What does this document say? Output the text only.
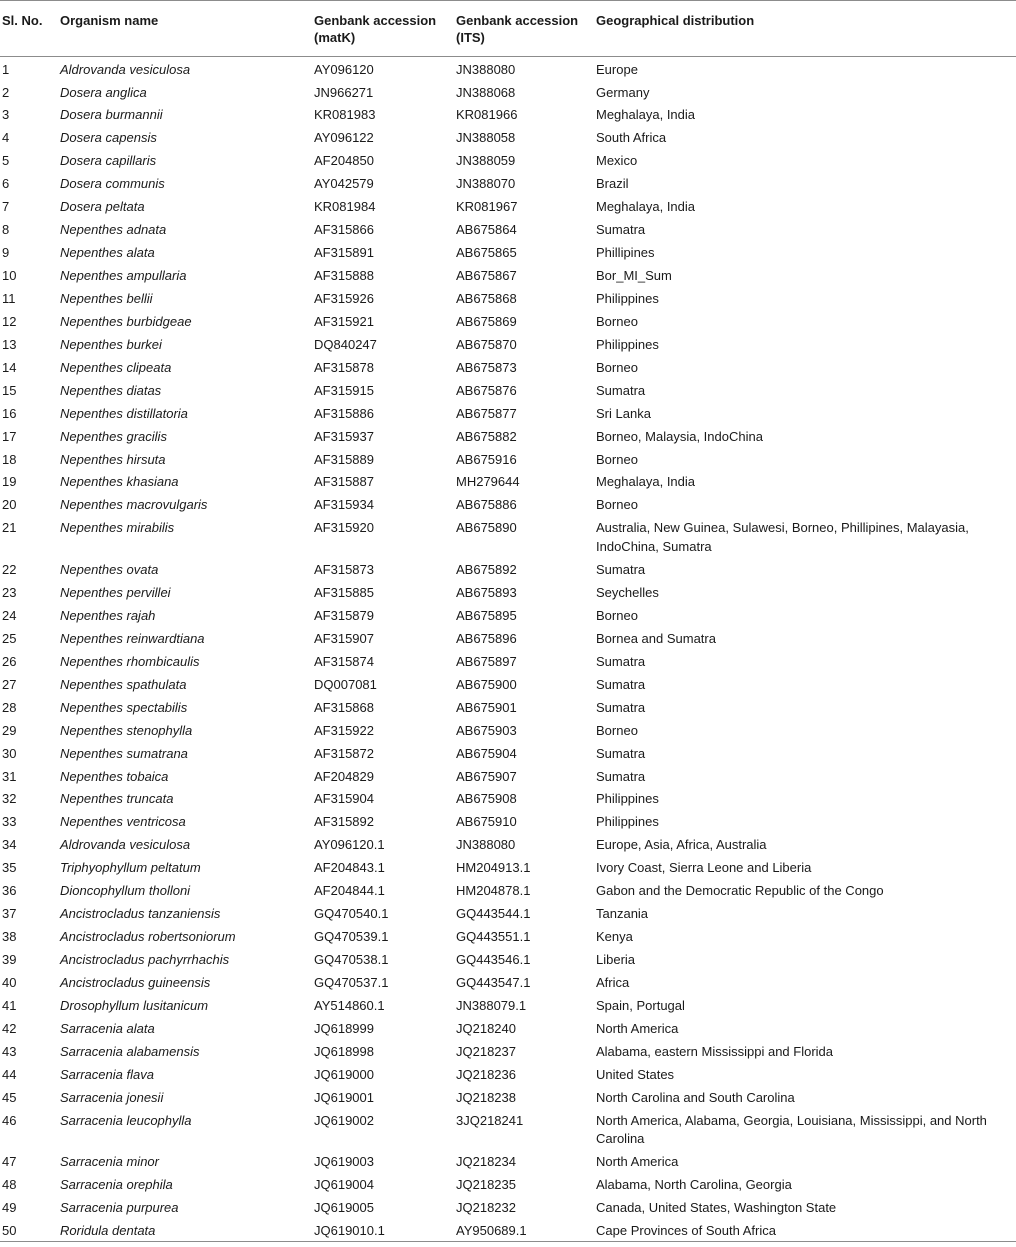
Sl. No.	Organism name	Genbank accession (matK)	Genbank accession (ITS)	Geographical distribution
1	Aldrovanda vesiculosa	AY096120	JN388080	Europe
2	Dosera anglica	JN966271	JN388068	Germany
3	Dosera burmannii	KR081983	KR081966	Meghalaya, India
4	Dosera capensis	AY096122	JN388058	South Africa
5	Dosera capillaris	AF204850	JN388059	Mexico
6	Dosera communis	AY042579	JN388070	Brazil
7	Dosera peltata	KR081984	KR081967	Meghalaya, India
8	Nepenthes adnata	AF315866	AB675864	Sumatra
9	Nepenthes alata	AF315891	AB675865	Phillipines
10	Nepenthes ampullaria	AF315888	AB675867	Bor_MI_Sum
11	Nepenthes bellii	AF315926	AB675868	Philippines
12	Nepenthes burbidgeae	AF315921	AB675869	Borneo
13	Nepenthes burkei	DQ840247	AB675870	Philippines
14	Nepenthes clipeata	AF315878	AB675873	Borneo
15	Nepenthes diatas	AF315915	AB675876	Sumatra
16	Nepenthes distillatoria	AF315886	AB675877	Sri Lanka
17	Nepenthes gracilis	AF315937	AB675882	Borneo, Malaysia, IndoChina
18	Nepenthes hirsuta	AF315889	AB675916	Borneo
19	Nepenthes khasiana	AF315887	MH279644	Meghalaya, India
20	Nepenthes macrovulgaris	AF315934	AB675886	Borneo
21	Nepenthes mirabilis	AF315920	AB675890	Australia, New Guinea, Sulawesi, Borneo, Phillipines, Malayasia, IndoChina, Sumatra
22	Nepenthes ovata	AF315873	AB675892	Sumatra
23	Nepenthes pervillei	AF315885	AB675893	Seychelles
24	Nepenthes rajah	AF315879	AB675895	Borneo
25	Nepenthes reinwardtiana	AF315907	AB675896	Bornea and Sumatra
26	Nepenthes rhombicaulis	AF315874	AB675897	Sumatra
27	Nepenthes spathulata	DQ007081	AB675900	Sumatra
28	Nepenthes spectabilis	AF315868	AB675901	Sumatra
29	Nepenthes stenophylla	AF315922	AB675903	Borneo
30	Nepenthes sumatrana	AF315872	AB675904	Sumatra
31	Nepenthes tobaica	AF204829	AB675907	Sumatra
32	Nepenthes truncata	AF315904	AB675908	Philippines
33	Nepenthes ventricosa	AF315892	AB675910	Philippines
34	Aldrovanda vesiculosa	AY096120.1	JN388080	Europe, Asia, Africa, Australia
35	Triphyophyllum peltatum	AF204843.1	HM204913.1	Ivory Coast, Sierra Leone and Liberia
36	Dioncophyllum tholloni	AF204844.1	HM204878.1	Gabon and the Democratic Republic of the Congo
37	Ancistrocladus tanzaniensis	GQ470540.1	GQ443544.1	Tanzania
38	Ancistrocladus robertsoniorum	GQ470539.1	GQ443551.1	Kenya
39	Ancistrocladus pachyrrhachis	GQ470538.1	GQ443546.1	Liberia
40	Ancistrocladus guineensis	GQ470537.1	GQ443547.1	Africa
41	Drosophyllum lusitanicum	AY514860.1	JN388079.1	Spain, Portugal
42	Sarracenia alata	JQ618999	JQ218240	North America
43	Sarracenia alabamensis	JQ618998	JQ218237	Alabama, eastern Mississippi and Florida
44	Sarracenia flava	JQ619000	JQ218236	United States
45	Sarracenia jonesii	JQ619001	JQ218238	North Carolina and South Carolina
46	Sarracenia leucophylla	JQ619002	3JQ218241	North America, Alabama, Georgia, Louisiana, Mississippi, and North Carolina
47	Sarracenia minor	JQ619003	JQ218234	North America
48	Sarracenia orephila	JQ619004	JQ218235	Alabama, North Carolina, Georgia
49	Sarracenia purpurea	JQ619005	JQ218232	Canada, United States, Washington State
50	Roridula dentata	JQ619010.1	AY950689.1	Cape Provinces of South Africa
